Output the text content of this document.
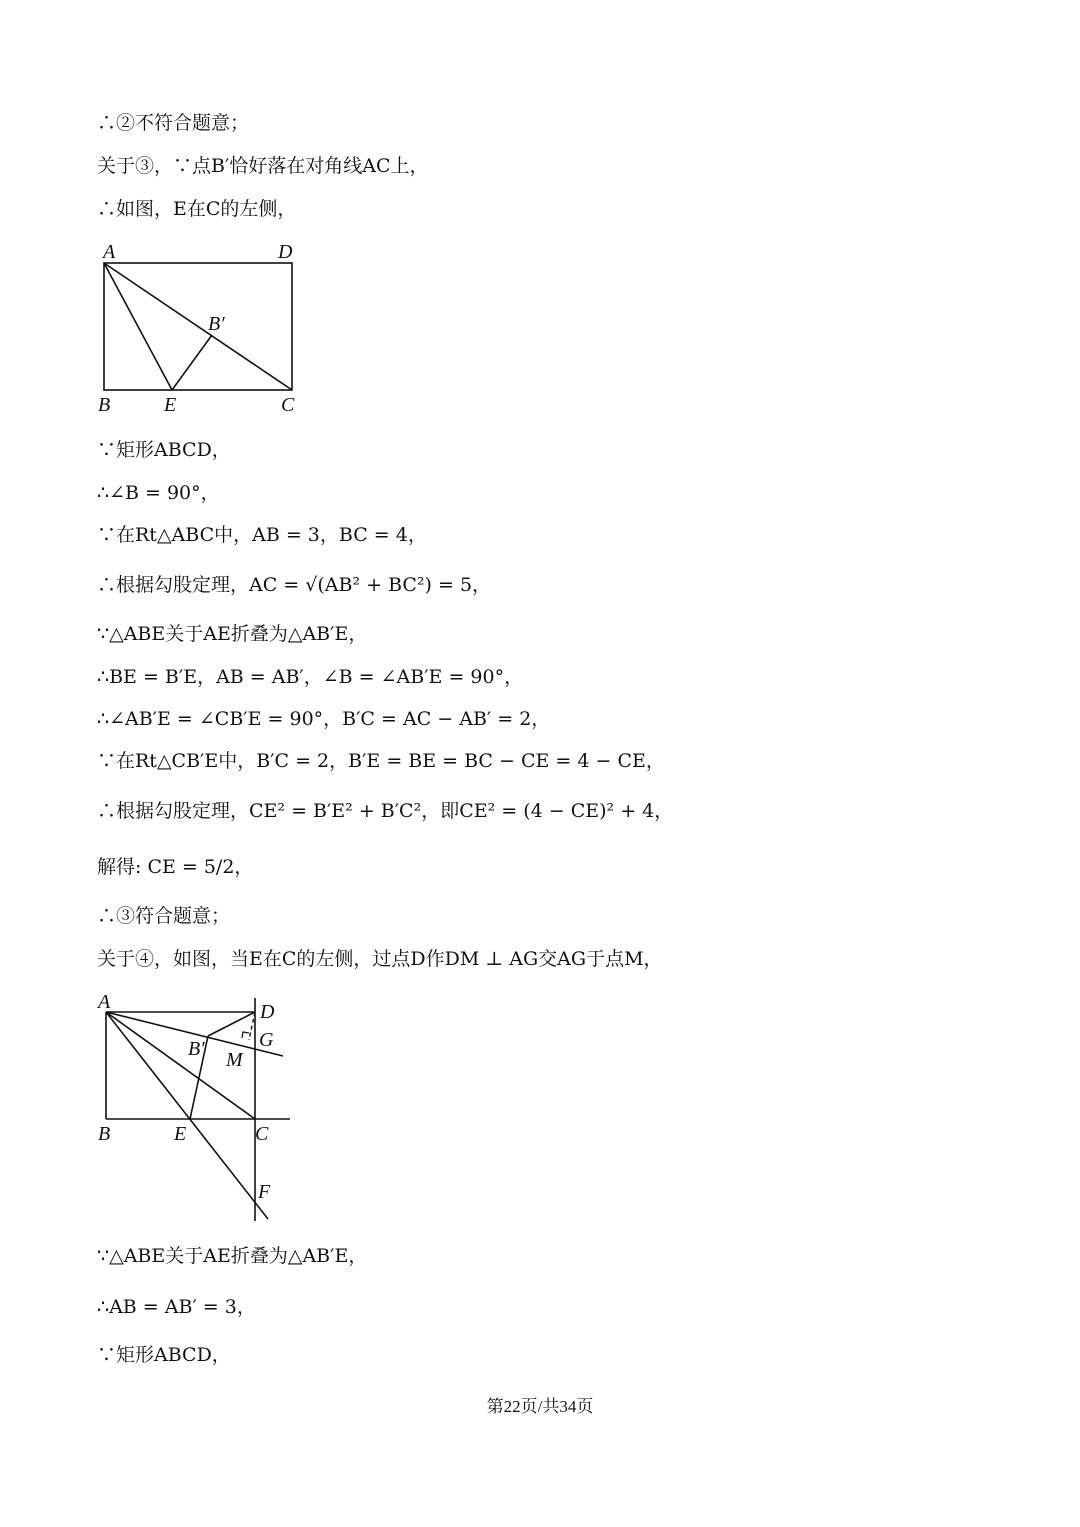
∴②不符合题意；
关于③，∵点B′恰好落在对角线AC上，
∴如图，E在C的左侧，
A	D
B′
B	E	C
∵矩形ABCD，
∴∠B = 90°，
∵在Rt△ABC中，AB = 3，BC = 4，
∴根据勾股定理，AC = √(AB² + BC²) = 5，
∵△ABE关于AE折叠为△AB′E，
∴BE = B′E，AB = AB′，∠B = ∠AB′E = 90°，
∴∠AB′E = ∠CB′E = 90°，B′C = AC − AB′ = 2，
∵在Rt△CB′E中，B′C = 2，B′E = BE = BC − CE = 4 − CE，
∴根据勾股定理，CE² = B′E² + B′C²，即CE² = (4 − CE)² + 4，
解得: CE = 5/2，
∴③符合题意；
关于④，如图，当E在C的左侧，过点D作DM ⊥ AG交AG于点M，
A	D
G
B′ M
B	E	C
F
∵△ABE关于AE折叠为△AB′E，
∴AB = AB′ = 3，
∵矩形ABCD，
第22页/共34页
